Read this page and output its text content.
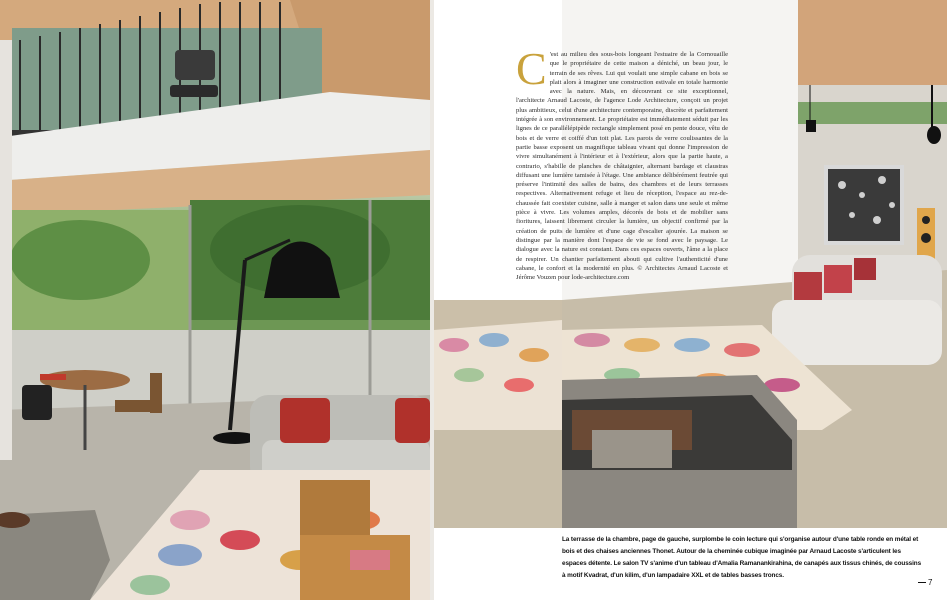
C 'est au milieu des sous-bois longeant l'estuaire de la Cornouaille que le propriétaire de cette maison a déniché, un beau jour, le terrain de ses rêves. Lui qui voulait une simple cabane en bois se plait alors à imaginer une construction estivale en totale harmonie avec la nature. Mais, en découvrant ce site exceptionnel, l'architecte Arnaud Lacoste, de l'agence Lode Architecture, conçoit un projet plus ambitieux, celui d'une architecture contemporaine, discrète et parfaitement intégrée à son environnement. Le propriétaire est immédiatement séduit par les lignes de ce parallélépipède rectangle simplement posé en pente douce, vêtu de bois et de verre et coiffé d'un toit plat. Les parois de verre coulissantes de la partie basse exposent un magnifique tableau vivant qui donne l'impression de vivre simultanément à l'intérieur et à l'extérieur, alors que la partie haute, a contrario, s'habille de planches de châtaignier, alternant bardage et claustras diffusant une lumière tamisée à l'étage. Une ambiance délibérément feutrée qui préserve l'intimité des salles de bains, des chambres et de leurs terrasses respectives. Alternativement refuge et lieu de réception, l'espace au rez-de-chaussée fait coexister cuisine, salle à manger et salon dans une seule et même pièce à vivre. Les volumes amples, décorés de bois et de mobilier sans fioritures, laissent librement circuler la lumière, un objectif confirmé par la création de puits de lumière et d'une cage d'escalier ajourée. La maison se distingue par la manière dont l'espace de vie se fond avec le paysage. Le dialogue avec la nature est constant. Dans ces espaces ouverts, l'âme a la place de respirer. Un chantier parfaitement abouti qui cultive l'authenticité d'une cabane, le confort et la modernité en plus. © Architectes Arnaud Lacoste et Jérôme Vouzen pour lode-architecture.com
La terrasse de la chambre, page de gauche, surplombe le coin lecture qui s'organise autour d'une table ronde en métal et bois et des chaises anciennes Thonet. Autour de la cheminée cubique imaginée par Arnaud Lacoste s'articulent les espaces détente. Le salon TV s'anime d'un tableau d'Amalia Ramanankirahina, de canapés aux tissus chinés, de coussins à motif Kvadrat, d'un kilim, d'un lampadaire XXL et de tables basses troncs.
7
